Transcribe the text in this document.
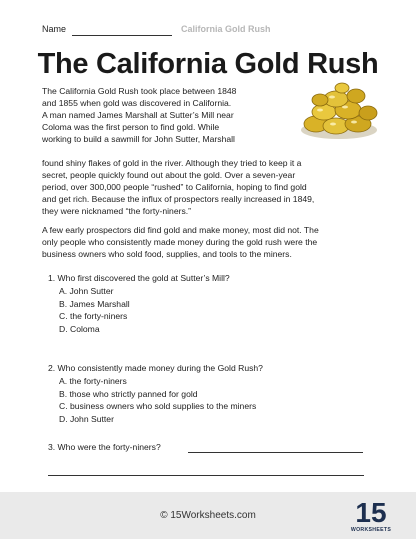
Name	California Gold Rush
The California Gold Rush
The California Gold Rush took place between 1848
and 1855 when gold was discovered in California.
A man named James Marshall at Sutter’s Mill near
Coloma was the first person to find gold. While
working to build a sawmill for John Sutter, Marshall
found shiny flakes of gold in the river. Although they tried to keep it a
secret, people quickly found out about the gold. Over a seven-year
period, over 300,000 people “rushed” to California, hoping to find gold
and get rich. Because the influx of prospectors really increased in 1849,
they were nicknamed “the forty-niners.”
A few early prospectors did find gold and make money, most did not. The
only people who consistently made money during the gold rush were the
business owners who sold food, supplies, and tools to the miners.
1. Who first discovered the gold at Sutter’s Mill?
A. John Sutter
B. James Marshall
C. the forty-niners
D. Coloma
2. Who consistently made money during the Gold Rush?
A. the forty-niners
B. those who strictly panned for gold
C. business owners who sold supplies to the miners
D. John Sutter
3. Who were the forty-niners?
© 15Worksheets.com	15
WORKSHEETS
